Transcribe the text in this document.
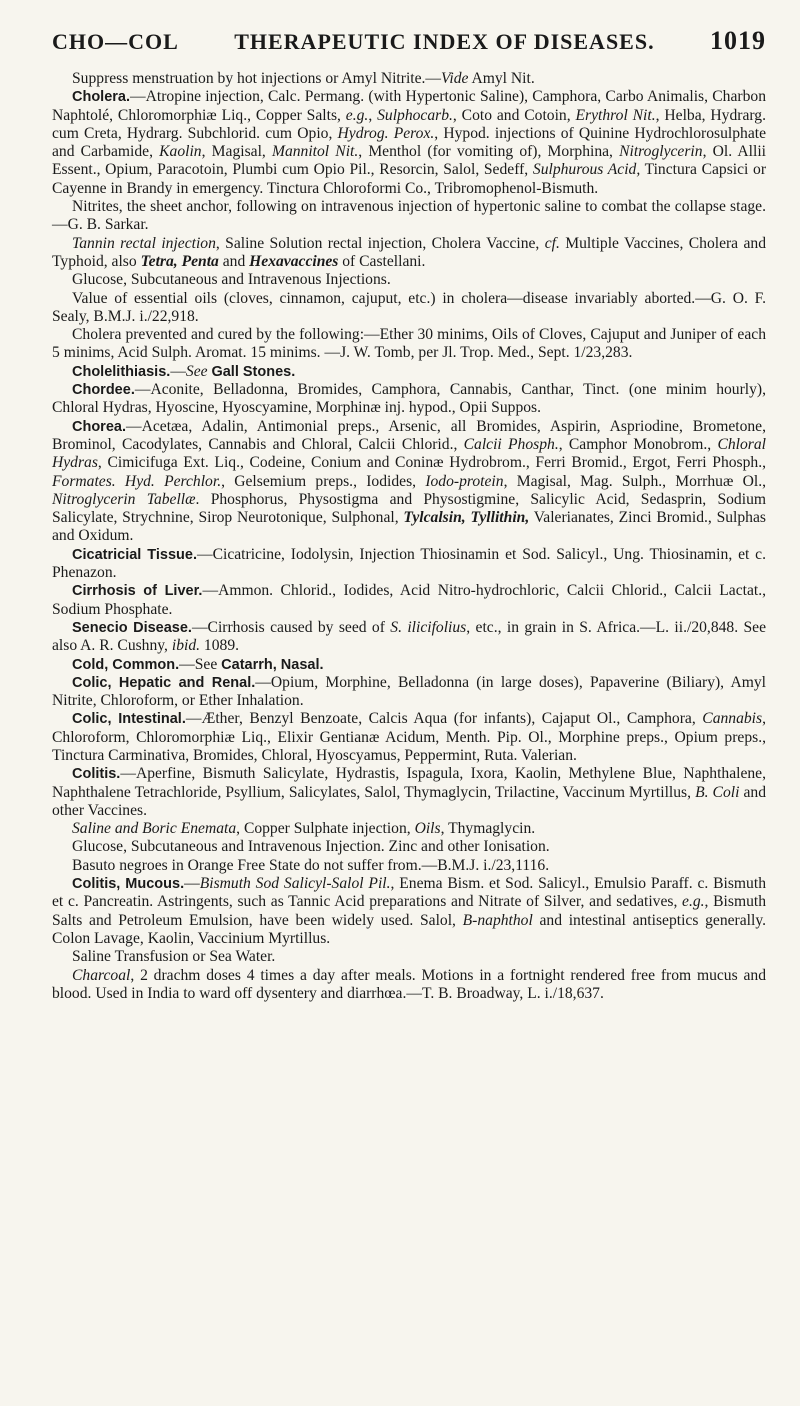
CHO—COL	THERAPEUTIC INDEX OF DISEASES. 1019

Suppress menstruation by hot injections or Amyl Nitrite.—Vide Amyl Nit.

Cholera.—Atropine injection, Calc. Permang. (with Hypertonic Saline), Camphora, Carbo Animalis, Charbon Naphtolé, Chloromorphiæ Liq., Copper Salts, e.g., Sulphocarb., Coto and Cotoin, Erythrol Nit., Helba, Hydrarg. cum Creta, Hydrarg. Subchlorid. cum Opio, Hydrog. Perox., Hypod. injections of Quinine Hydrochlorosulphate and Carbamide, Kaolin, Magisal, Mannitol Nit., Menthol (for vomiting of), Morphina, Nitroglycerin, Ol. Allii Essent., Opium, Paracotoin, Plumbi cum Opio Pil., Resorcin, Salol, Sedeff, Sulphurous Acid, Tinctura Capsici or Cayenne in Brandy in emergency. Tinctura Chloroformi Co., Tribromophenol-Bismuth.

Nitrites, the sheet anchor, following on intravenous injection of hypertonic saline to combat the collapse stage.—G. B. Sarkar.

Tannin rectal injection, Saline Solution rectal injection, Cholera Vaccine, cf. Multiple Vaccines, Cholera and Typhoid, also Tetra, Penta and Hexavaccines of Castellani.

Glucose, Subcutaneous and Intravenous Injections.

Value of essential oils (cloves, cinnamon, cajuput, etc.) in cholera—disease invariably aborted.—G. O. F. Sealy, B.M.J. i./22,918.

Cholera prevented and cured by the following:—Ether 30 minims, Oils of Cloves, Cajuput and Juniper of each 5 minims, Acid Sulph. Aromat. 15 minims. —J. W. Tomb, per Jl. Trop. Med., Sept. 1/23,283.

Cholelithiasis.—See Gall Stones.

Chordee.—Aconite, Belladonna, Bromides, Camphora, Cannabis, Canthar, Tinct. (one minim hourly), Chloral Hydras, Hyoscine, Hyoscyamine, Morphinæ inj. hypod., Opii Suppos.

Chorea.—Acetæa, Adalin, Antimonial preps., Arsenic, all Bromides, Aspirin, Aspriodine, Brometone, Brominol, Cacodylates, Cannabis and Chloral, Calcii Chlorid., Calcii Phosph., Camphor Monobrom., Chloral Hydras, Cimicifuga Ext. Liq., Codeine, Conium and Coninæ Hydrobrom., Ferri Bromid., Ergot, Ferri Phosph., Formates. Hyd. Perchlor., Gelsemium preps., Iodides, Iodo-protein, Magisal, Mag. Sulph., Morrhuæ Ol., Nitroglycerin Tabellæ. Phosphorus, Physostigma and Physostigmine, Salicylic Acid, Sedasprin, Sodium Salicylate, Strychnine, Sirop Neurotonique, Sulphonal, Tylcalsin, Tyllithin, Valerianates, Zinci Bromid., Sulphas and Oxidum.

Cicatricial Tissue.—Cicatricine, Iodolysin, Injection Thiosinamin et Sod. Salicyl., Ung. Thiosinamin, et c. Phenazon.

Cirrhosis of Liver.—Ammon. Chlorid., Iodides, Acid Nitro-hydrochloric, Calcii Chlorid., Calcii Lactat., Sodium Phosphate.

Senecio Disease.—Cirrhosis caused by seed of S. ilicifolius, etc., in grain in S. Africa.—L. ii./20,848. See also A. R. Cushny, ibid. 1089.

Cold, Common.—See Catarrh, Nasal.

Colic, Hepatic and Renal.—Opium, Morphine, Belladonna (in large doses), Papaverine (Biliary), Amyl Nitrite, Chloroform, or Ether Inhalation.

Colic, Intestinal.—Æther, Benzyl Benzoate, Calcis Aqua (for infants), Cajaput Ol., Camphora, Cannabis, Chloroform, Chloromorphiæ Liq., Elixir Gentianæ Acidum, Menth. Pip. Ol., Morphine preps., Opium preps., Tinctura Carminativa, Bromides, Chloral, Hyoscyamus, Peppermint, Ruta. Valerian.

Colitis.—Aperfine, Bismuth Salicylate, Hydrastis, Ispagula, Ixora, Kaolin, Methylene Blue, Naphthalene, Naphthalene Tetrachloride, Psyllium, Salicylates, Salol, Thymaglycin, Trilactine, Vaccinum Myrtillus, B. Coli and other Vaccines.

Saline and Boric Enemata, Copper Sulphate injection, Oils, Thymaglycin.

Glucose, Subcutaneous and Intravenous Injection. Zinc and other Ionisation.

Basuto negroes in Orange Free State do not suffer from.—B.M.J. i./23,1116.

Colitis, Mucous.—Bismuth Sod Salicyl-Salol Pil., Enema Bism. et Sod. Salicyl., Emulsio Paraff. c. Bismuth et c. Pancreatin. Astringents, such as Tannic Acid preparations and Nitrate of Silver, and sedatives, e.g., Bismuth Salts and Petroleum Emulsion, have been widely used. Salol, B-naphthol and intestinal antiseptics generally. Colon Lavage, Kaolin, Vaccinium Myrtillus.

Saline Transfusion or Sea Water.

Charcoal, 2 drachm doses 4 times a day after meals. Motions in a fortnight rendered free from mucus and blood. Used in India to ward off dysentery and diarrhœa.—T. B. Broadway, L. i./18,637.
